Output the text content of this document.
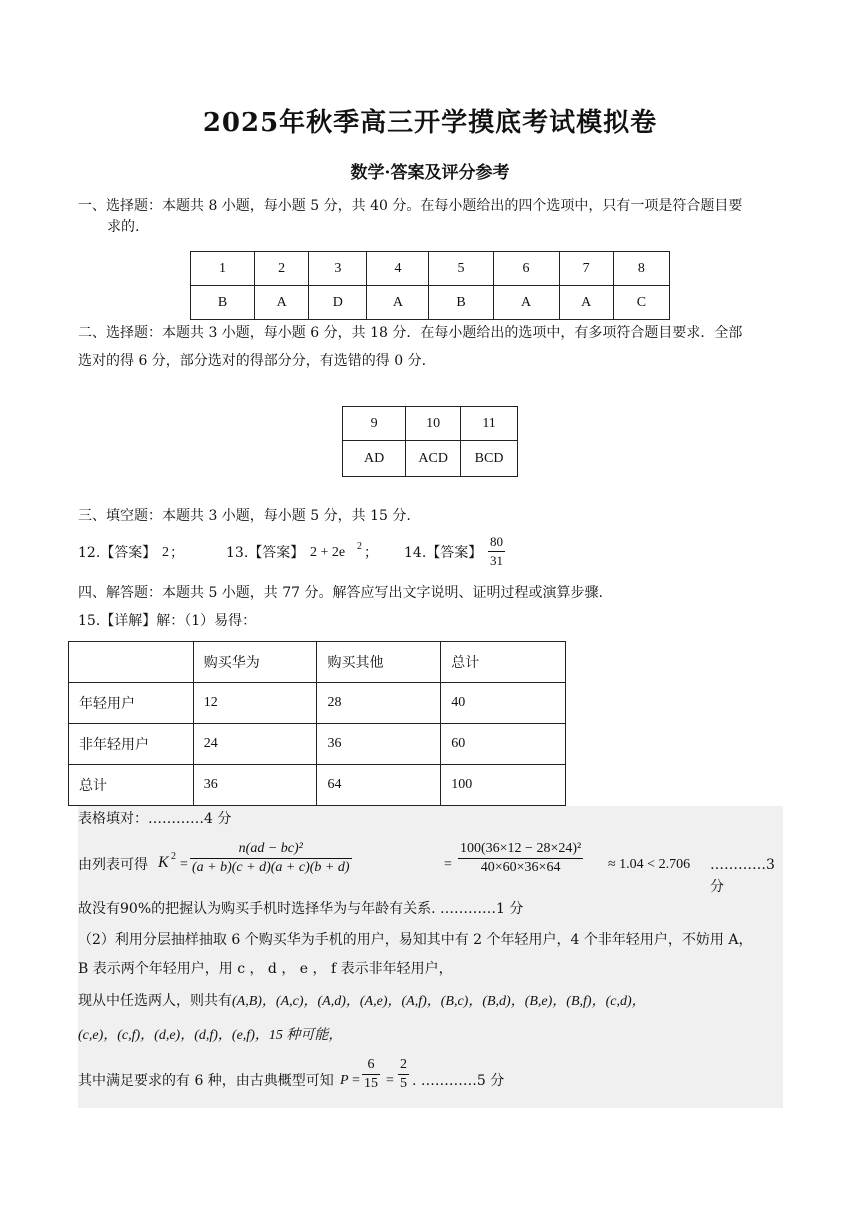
2025年秋季高三开学摸底考试模拟卷
数学·答案及评分参考
一、选择题：本题共 8 小题，每小题 5 分，共 40 分。在每小题给出的四个选项中，只有一项是符合题目要
求的.
1	2	3	4	5	6	7	8
B	A	D	A	B	A	A	C
二、选择题：本题共 3 小题，每小题 6 分，共 18 分．在每小题给出的选项中，有多项符合题目要求．全部
选对的得 6 分，部分选对的得部分分，有选错的得 0 分.
9	10	11
AD	ACD	BCD
三、填空题：本题共 3 小题，每小题 5 分，共 15 分.
12.【答案】 2 ；	13.【答案】 2 + 2e 2 ； 14.【答案】 $\frac{80}{31}$
四、解答题：本题共 5 小题，共 77 分。解答应写出文字说明、证明过程或演算步骤.
15.【详解】解：（1）易得：
	购买华为	购买其他	总计
年轻用户	12	28	40
非年轻用户	24	36	60
总计	36	64	100
表格填对：…………4 分
由列表可得 K 2
= $\frac{\text{n(ad − bc)²}}{(a + b)(c + d)(a + c)(b + d)}$	= $\frac{\text{100(36×12 − 28×24)²}}{40\times 60\times 36\times 64} \approx 1.04 < 2.706$ …………3 分
故没有90%的把握认为购买手机时选择华为与年龄有关系. …………1 分
（2）利用分层抽样抽取 6 个购买华为手机的用户，易知其中有 2 个年轻用户，4 个非年轻用户，不妨用 A，
B 表示两个年轻用户，用 c ， d ， e ， f 表示非年轻用户，
现从中任选两人，则共有(A,B)，(A,c)，(A,d)，(A,e)，(A,f)，(B,c)，(B,d)，(B,e)，(B,f)，(c,d)，
(c,e)，(c,f)，(d,e)，(d,f)，(e,f)，15 种可能，
其中满足要求的有 6 种，由古典概型可知 $P = \frac{6}{15} = \frac{2}{5}$ . …………5 分
